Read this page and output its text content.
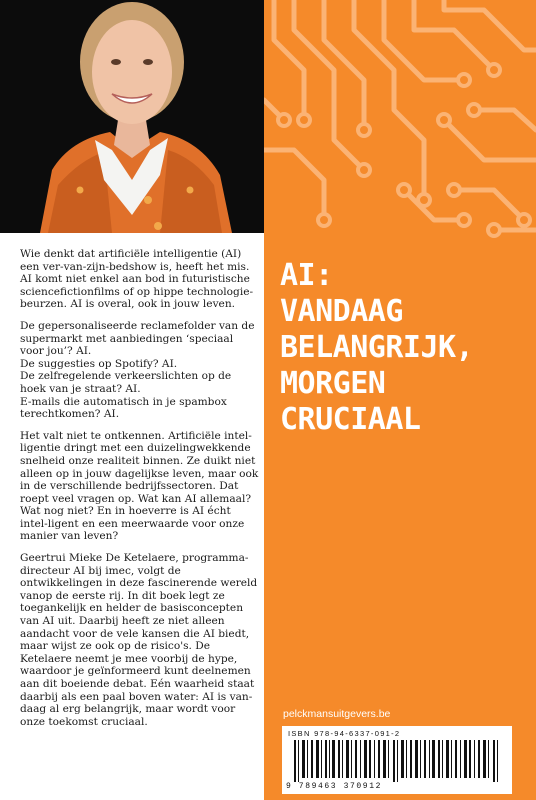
Wie denkt dat artificiële intelligentie (AI) een ver-van-zijn-bedshow is, heeft het mis. AI komt niet enkel aan bod in futuristische sciencefictionfilms of op hippe technologie-beurzen. AI is overal, ook in jouw leven.

De gepersonaliseerde reclamefolder van de supermarkt met aanbiedingen ‘speciaal voor jou’? AI.
De suggesties op Spotify? AI.
De zelfregelende verkeerslichten op de hoek van je straat? AI.
E-mails die automatisch in je spambox terechtkomen? AI.

Het valt niet te ontkennen. Artificiële intel-ligentie dringt met een duizelingwekkende snelheid onze realiteit binnen. Ze duikt niet alleen op in jouw dagelijkse leven, maar ook in de verschillende bedrijfssectoren. Dat roept veel vragen op. Wat kan AI allemaal? Wat nog niet? En in hoeverre is AI écht intel-ligent en een meerwaarde voor onze manier van leven?

Geertrui Mieke De Ketelaere, programma-directeur AI bij imec, volgt de ontwikkelingen in deze fascinerende wereld vanop de eerste rij. In dit boek legt ze toegankelijk en helder de basisconcepten van AI uit. Daarbij heeft ze niet alleen aandacht voor de vele kansen die AI biedt, maar wijst ze ook op de risico's. De Ketelaere neemt je mee voorbij de hype, waardoor je geïnformeerd kunt deelnemen aan dit boeiende debat. Eén waarheid staat daarbij als een paal boven water: AI is van-daag al erg belangrijk, maar wordt voor onze toekomst cruciaal.

AI:
VANDAAG
BELANGRIJK,
MORGEN
CRUCIAAL
pelckmansuitgevers.be
ISBN 978-94-6337-091-2
9 789463 370912
